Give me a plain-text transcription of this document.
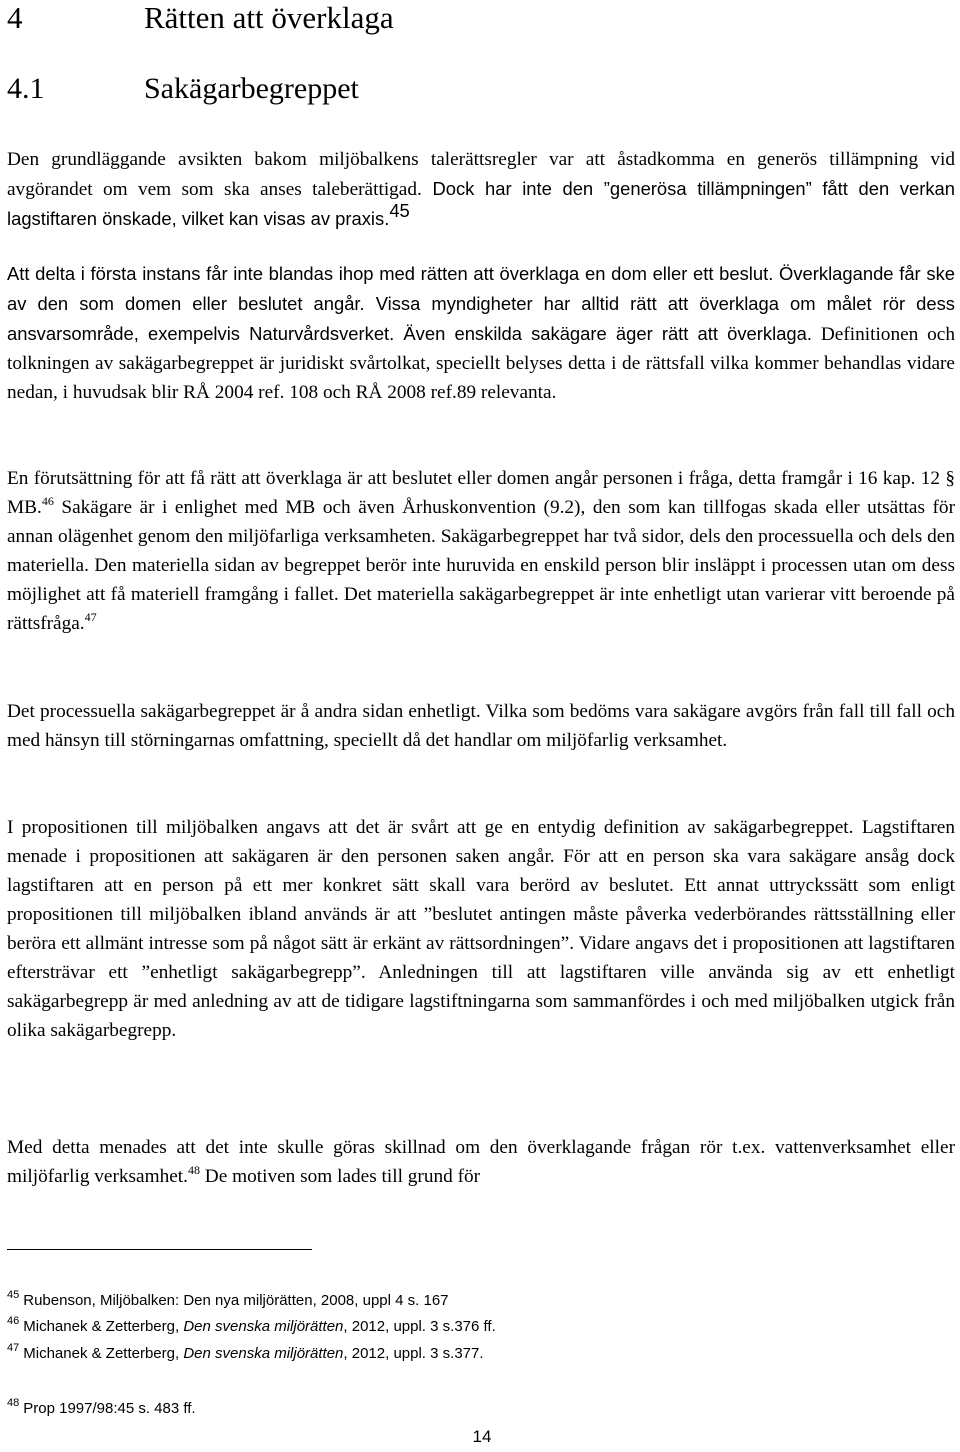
4	Rätten att överklaga
4.1	Sakägarbegreppet

Den grundläggande avsikten bakom miljöbalkens talerättsregler var att åstadkomma en generös tillämpning vid avgörandet om vem som ska anses taleberättigad. Dock har inte den ”generösa tillämpningen” fått den verkan lagstiftaren önskade, vilket kan visas av praxis.$^{45}$

Att delta i första instans får inte blandas ihop med rätten att överklaga en dom eller ett beslut. Överklagande får ske av den som domen eller beslutet angår. Vissa myndigheter har alltid rätt att överklaga om målet rör dess ansvarsområde, exempelvis Naturvårdsverket. Även enskilda sakägare äger rätt att överklaga. Definitionen och tolkningen av sakägarbegreppet är juridiskt svårtolkat, speciellt belyses detta i de rättsfall vilka kommer behandlas vidare nedan, i huvudsak blir RÅ 2004 ref. 108 och RÅ 2008 ref.89 relevanta.

En förutsättning för att få rätt att överklaga är att beslutet eller domen angår personen i fråga, detta framgår i 16 kap. 12 § MB.$^{46}$ Sakägare är i enlighet med MB och även Århuskonvention (9.2), den som kan tillfogas skada eller utsättas för annan olägenhet genom den miljöfarliga verksamheten. Sakägarbegreppet har två sidor, dels den processuella och dels den materiella. Den materiella sidan av begreppet berör inte huruvida en enskild person blir insläppt i processen utan om dess möjlighet att få materiell framgång i fallet. Det materiella sakägarbegreppet är inte enhetligt utan varierar vitt beroende på rättsfråga.$^{47}$

Det processuella sakägarbegreppet är å andra sidan enhetligt. Vilka som bedöms vara sakägare avgörs från fall till fall och med hänsyn till störningarnas omfattning, speciellt då det handlar om miljöfarlig verksamhet.

I propositionen till miljöbalken angavs att det är svårt att ge en entydig definition av sakägarbegreppet. Lagstiftaren menade i propositionen att sakägaren är den personen saken angår. För att en person ska vara sakägare ansåg dock lagstiftaren att en person på ett mer konkret sätt skall vara berörd av beslutet. Ett annat uttryckssätt som enligt propositionen till miljöbalken ibland används är att ”beslutet antingen måste påverka vederbörandes rättsställning eller beröra ett allmänt intresse som på något sätt är erkänt av rättsordningen”. Vidare angavs det i propositionen att lagstiftaren eftersträvar ett ”enhetligt sakägarbegrepp”. Anledningen till att lagstiftaren ville använda sig av ett enhetligt sakägarbegrepp är med anledning av att de tidigare lagstiftningarna som sammanfördes i och med miljöbalken utgick från olika sakägarbegrepp.

Med detta menades att det inte skulle göras skillnad om den överklagande frågan rör t.ex. vattenverksamhet eller miljöfarlig verksamhet.$^{48}$ De motiven som lades till grund för

$^{45}$ Rubenson, Miljöbalken: Den nya miljörätten, 2008, uppl 4 s. 167
$^{46}$ Michanek & Zetterberg, Den svenska miljörätten, 2012, uppl. 3 s.376 ff.
$^{47}$ Michanek & Zetterberg, Den svenska miljörätten, 2012, uppl. 3 s.377.
$^{48}$ Prop 1997/98:45 s. 483 ff.
14
